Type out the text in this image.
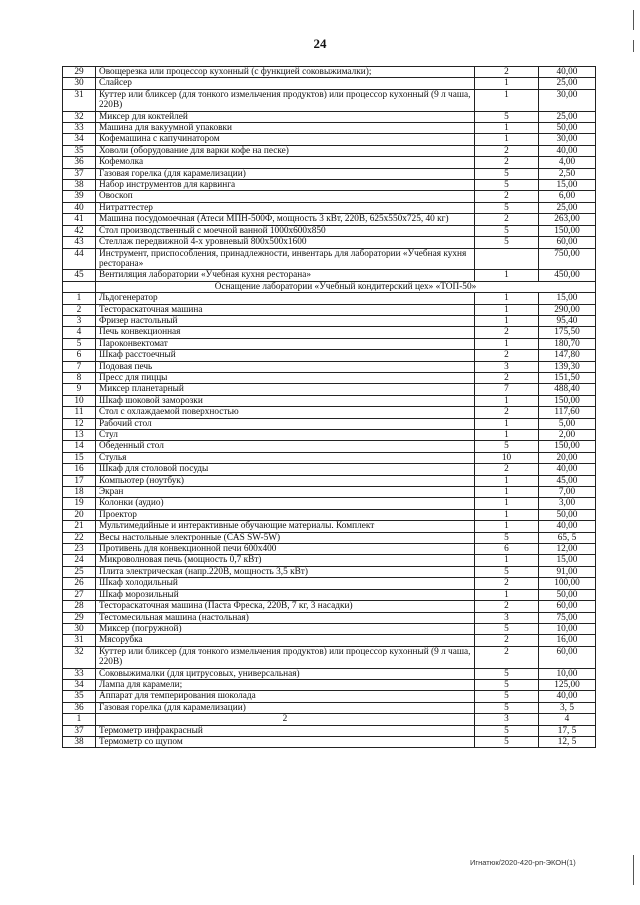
24
29	Овощерезка или процессор кухонный (с функцией соковыжималки);	2	40,00
30	Слайсер	1	25,00
31	Куттер или бликсер (для тонкого измельчения продуктов) или процессор кухонный (9 л чаша, 220В)	1	30,00
32	Миксер для коктейлей	5	25,00
33	Машина для вакуумной упаковки	1	50,00
34	Кофемашина с капучинатором	1	30,00
35	Ховоли (оборудование для варки кофе на песке)	2	40,00
36	Кофемолка	2	4,00
37	Газовая горелка (для карамелизации)	5	2,50
38	Набор инструментов для карвинга	5	15,00
39	Овоскоп	2	6,00
40	Нитраттестер	5	25,00
41	Машина посудомоечная (Атеси МПН-500Ф, мощность 3 кВт, 220В, 625х550х725, 40 кг)	2	263,00
42	Стол производственный с моечной ванной 1000х600х850	5	150,00
43	Стеллаж передвижной 4-х уровневый 800х500х1600	5	60,00
44	Инструмент, приспособления, принадлежности, инвентарь для лаборатории «Учебная кухня ресторана»		750,00
45	Вентиляция лаборатории «Учебная кухня ресторана»	1	450,00
	Оснащение лаборатории «Учебный кондитерский цех» «ТОП-50»		
1	Льдогенератор	1	15,00
2	Тестораскаточная машина	1	290,00
3	Фризер настольный	1	95,40
4	Печь конвекционная	2	175,50
5	Пароконвектомат	1	180,70
6	Шкаф расстоечный	2	147,80
7	Подовая печь	3	139,30
8	Пресс для пиццы	2	151,50
9	Миксер планетарный	7	488,40
10	Шкаф шоковой заморозки	1	150,00
11	Стол с охлаждаемой поверхностью	2	117,60
12	Рабочий стол	1	5,00
13	Стул	1	2,00
14	Обеденный стол	5	150,00
15	Стулья	10	20,00
16	Шкаф для столовой посуды	2	40,00
17	Компьютер (ноутбук)	1	45,00
18	Экран	1	7,00
19	Колонки (аудио)	1	3,00
20	Проектор	1	50,00
21	Мультимедийные и интерактивные обучающие материалы. Комплект	1	40,00
22	Весы настольные электронные (CAS SW-5W)	5	65, 5
23	Противень для конвекционной печи 600х400	6	12,00
24	Микроволновая печь (мощность 0,7 кВт)	1	15,00
25	Плита электрическая (напр.220В, мощность 3,5 кВт)	5	91,00
26	Шкаф холодильный	2	100,00
27	Шкаф морозильный	1	50,00
28	Тестораскаточная машина (Паста Фреска, 220В, 7 кг, 3 насадки)	2	60,00
29	Тестомесильная машина (настольная)	3	75,00
30	Миксер (погружной)	5	10,00
31	Мясорубка	2	16,00
32	Куттер или бликсер (для тонкого измельчения продуктов) или процессор кухонный (9 л чаша, 220В)	2	60,00
33	Соковыжималки (для цитрусовых, универсальная)	5	10,00
34	Лампа для карамели;	5	125,00
35	Аппарат для темперирования шоколада	5	40,00
36	Газовая горелка (для карамелизации)	5	3, 5
1	2	3	4
37	Термометр инфракрасный	5	17, 5
38	Термометр со щупом	5	12, 5
Игнатюк/2020-420-рп-ЭКОН(1)
